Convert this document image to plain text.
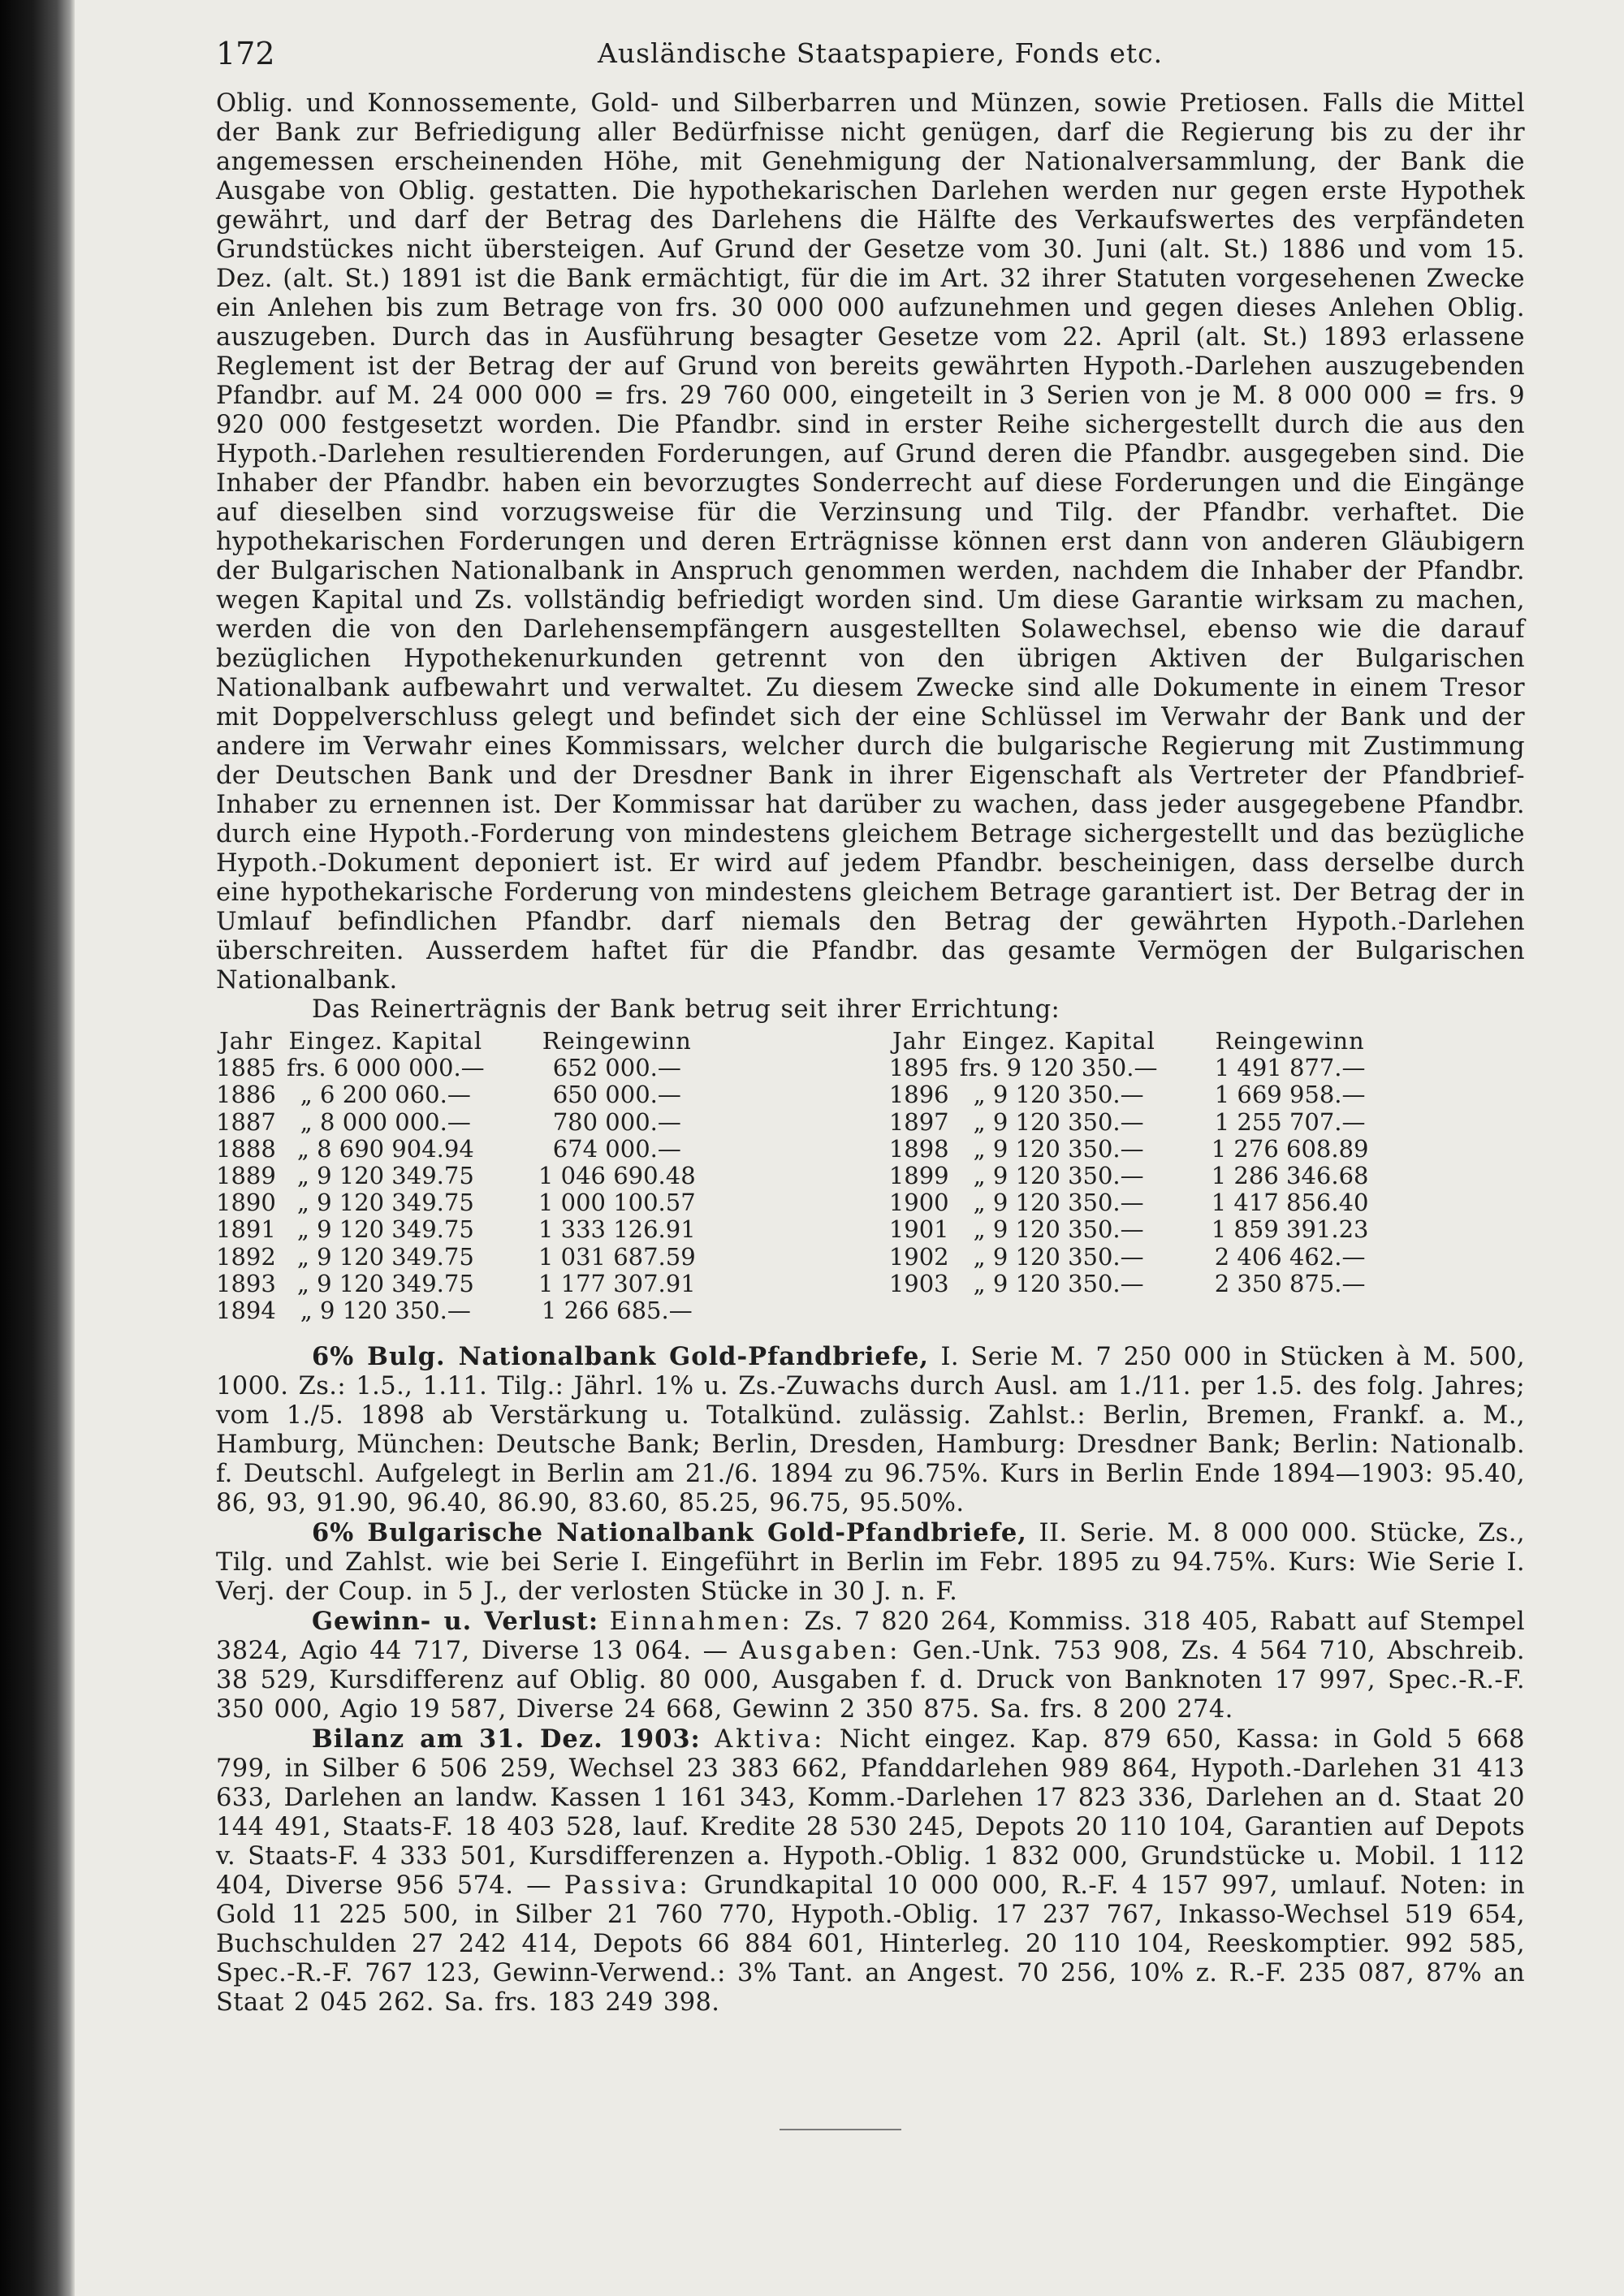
172	Ausländische Staatspapiere, Fonds etc.

Oblig. und Konnossemente, Gold- und Silberbarren und Münzen, sowie Pretiosen. Falls die Mittel der Bank zur Befriedigung aller Bedürfnisse nicht genügen, darf die Regierung bis zu der ihr angemessen erscheinenden Höhe, mit Genehmigung der Nationalversammlung, der Bank die Ausgabe von Oblig. gestatten. Die hypothekarischen Darlehen werden nur gegen erste Hypothek gewährt, und darf der Betrag des Darlehens die Hälfte des Verkaufswertes des verpfändeten Grundstückes nicht übersteigen. Auf Grund der Gesetze vom 30. Juni (alt. St.) 1886 und vom 15. Dez. (alt. St.) 1891 ist die Bank ermächtigt, für die im Art. 32 ihrer Statuten vorgesehenen Zwecke ein Anlehen bis zum Betrage von frs. 30 000 000 aufzunehmen und gegen dieses Anlehen Oblig. auszugeben. Durch das in Ausführung besagter Gesetze vom 22. April (alt. St.) 1893 erlassene Reglement ist der Betrag der auf Grund von bereits gewährten Hypoth.-Darlehen auszugebenden Pfandbr. auf M. 24 000 000 = frs. 29 760 000, eingeteilt in 3 Serien von je M. 8 000 000 = frs. 9 920 000 festgesetzt worden. Die Pfandbr. sind in erster Reihe sichergestellt durch die aus den Hypoth.-Darlehen resultierenden Forderungen, auf Grund deren die Pfandbr. ausgegeben sind. Die Inhaber der Pfandbr. haben ein bevorzugtes Sonderrecht auf diese Forderungen und die Eingänge auf dieselben sind vorzugsweise für die Verzinsung und Tilg. der Pfandbr. verhaftet. Die hypothekarischen Forderungen und deren Erträgnisse können erst dann von anderen Gläubigern der Bulgarischen Nationalbank in Anspruch genommen werden, nachdem die Inhaber der Pfandbr. wegen Kapital und Zs. vollständig befriedigt worden sind. Um diese Garantie wirksam zu machen, werden die von den Darlehensempfängern ausgestellten Solawechsel, ebenso wie die darauf bezüglichen Hypothekenurkunden getrennt von den übrigen Aktiven der Bulgarischen Nationalbank aufbewahrt und verwaltet. Zu diesem Zwecke sind alle Dokumente in einem Tresor mit Doppelverschluss gelegt und befindet sich der eine Schlüssel im Verwahr der Bank und der andere im Verwahr eines Kommissars, welcher durch die bulgarische Regierung mit Zustimmung der Deutschen Bank und der Dresdner Bank in ihrer Eigenschaft als Vertreter der Pfandbrief-Inhaber zu ernennen ist. Der Kommissar hat darüber zu wachen, dass jeder ausgegebene Pfandbr. durch eine Hypoth.-Forderung von mindestens gleichem Betrage sichergestellt und das bezügliche Hypoth.-Dokument deponiert ist. Er wird auf jedem Pfandbr. bescheinigen, dass derselbe durch eine hypothekarische Forderung von mindestens gleichem Betrage garantiert ist. Der Betrag der in Umlauf befindlichen Pfandbr. darf niemals den Betrag der gewährten Hypoth.-Darlehen überschreiten. Ausserdem haftet für die Pfandbr. das gesamte Vermögen der Bulgarischen Nationalbank.

Das Reinerträgnis der Bank betrug seit ihrer Errichtung:

Jahr	Eingez. Kapital	Reingewinn		Jahr	Eingez. Kapital	Reingewinn
1885	frs. 6 000 000.—	652 000.—		1895	frs. 9 120 350.—	1 491 877.—
1886	„ 6 200 060.—	650 000.—		1896	„ 9 120 350.—	1 669 958.—
1887	„ 8 000 000.—	780 000.—		1897	„ 9 120 350.—	1 255 707.—
1888	„ 8 690 904.94	674 000.—		1898	„ 9 120 350.—	1 276 608.89
1889	„ 9 120 349.75	1 046 690.48		1899	„ 9 120 350.—	1 286 346.68
1890	„ 9 120 349.75	1 000 100.57		1900	„ 9 120 350.—	1 417 856.40
1891	„ 9 120 349.75	1 333 126.91		1901	„ 9 120 350.—	1 859 391.23
1892	„ 9 120 349.75	1 031 687.59		1902	„ 9 120 350.—	2 406 462.—
1893	„ 9 120 349.75	1 177 307.91		1903	„ 9 120 350.—	2 350 875.—
1894	„ 9 120 350.—	1 266 685.—				

6% Bulg. Nationalbank Gold-Pfandbriefe, I. Serie M. 7 250 000 in Stücken à M. 500, 1000. Zs.: 1.5., 1.11. Tilg.: Jährl. 1% u. Zs.-Zuwachs durch Ausl. am 1./11. per 1.5. des folg. Jahres; vom 1./5. 1898 ab Verstärkung u. Totalkünd. zulässig. Zahlst.: Berlin, Bremen, Frankf. a. M., Hamburg, München: Deutsche Bank; Berlin, Dresden, Hamburg: Dresdner Bank; Berlin: Nationalb. f. Deutschl. Aufgelegt in Berlin am 21./6. 1894 zu 96.75%. Kurs in Berlin Ende 1894—1903: 95.40, 86, 93, 91.90, 96.40, 86.90, 83.60, 85.25, 96.75, 95.50%.

6% Bulgarische Nationalbank Gold-Pfandbriefe, II. Serie. M. 8 000 000. Stücke, Zs., Tilg. und Zahlst. wie bei Serie I. Eingeführt in Berlin im Febr. 1895 zu 94.75%. Kurs: Wie Serie I. Verj. der Coup. in 5 J., der verlosten Stücke in 30 J. n. F.

Gewinn- u. Verlust: Einnahmen: Zs. 7 820 264, Kommiss. 318 405, Rabatt auf Stempel 3824, Agio 44 717, Diverse 13 064. — Ausgaben: Gen.-Unk. 753 908, Zs. 4 564 710, Abschreib. 38 529, Kursdifferenz auf Oblig. 80 000, Ausgaben f. d. Druck von Banknoten 17 997, Spec.-R.-F. 350 000, Agio 19 587, Diverse 24 668, Gewinn 2 350 875. Sa. frs. 8 200 274.

Bilanz am 31. Dez. 1903: Aktiva: Nicht eingez. Kap. 879 650, Kassa: in Gold 5 668 799, in Silber 6 506 259, Wechsel 23 383 662, Pfanddarlehen 989 864, Hypoth.-Darlehen 31 413 633, Darlehen an landw. Kassen 1 161 343, Komm.-Darlehen 17 823 336, Darlehen an d. Staat 20 144 491, Staats-F. 18 403 528, lauf. Kredite 28 530 245, Depots 20 110 104, Garantien auf Depots v. Staats-F. 4 333 501, Kursdifferenzen a. Hypoth.-Oblig. 1 832 000, Grundstücke u. Mobil. 1 112 404, Diverse 956 574. — Passiva: Grundkapital 10 000 000, R.-F. 4 157 997, umlauf. Noten: in Gold 11 225 500, in Silber 21 760 770, Hypoth.-Oblig. 17 237 767, Inkasso-Wechsel 519 654, Buchschulden 27 242 414, Depots 66 884 601, Hinterleg. 20 110 104, Reeskomptier. 992 585, Spec.-R.-F. 767 123, Gewinn-Verwend.: 3% Tant. an Angest. 70 256, 10% z. R.-F. 235 087, 87% an Staat 2 045 262. Sa. frs. 183 249 398.
